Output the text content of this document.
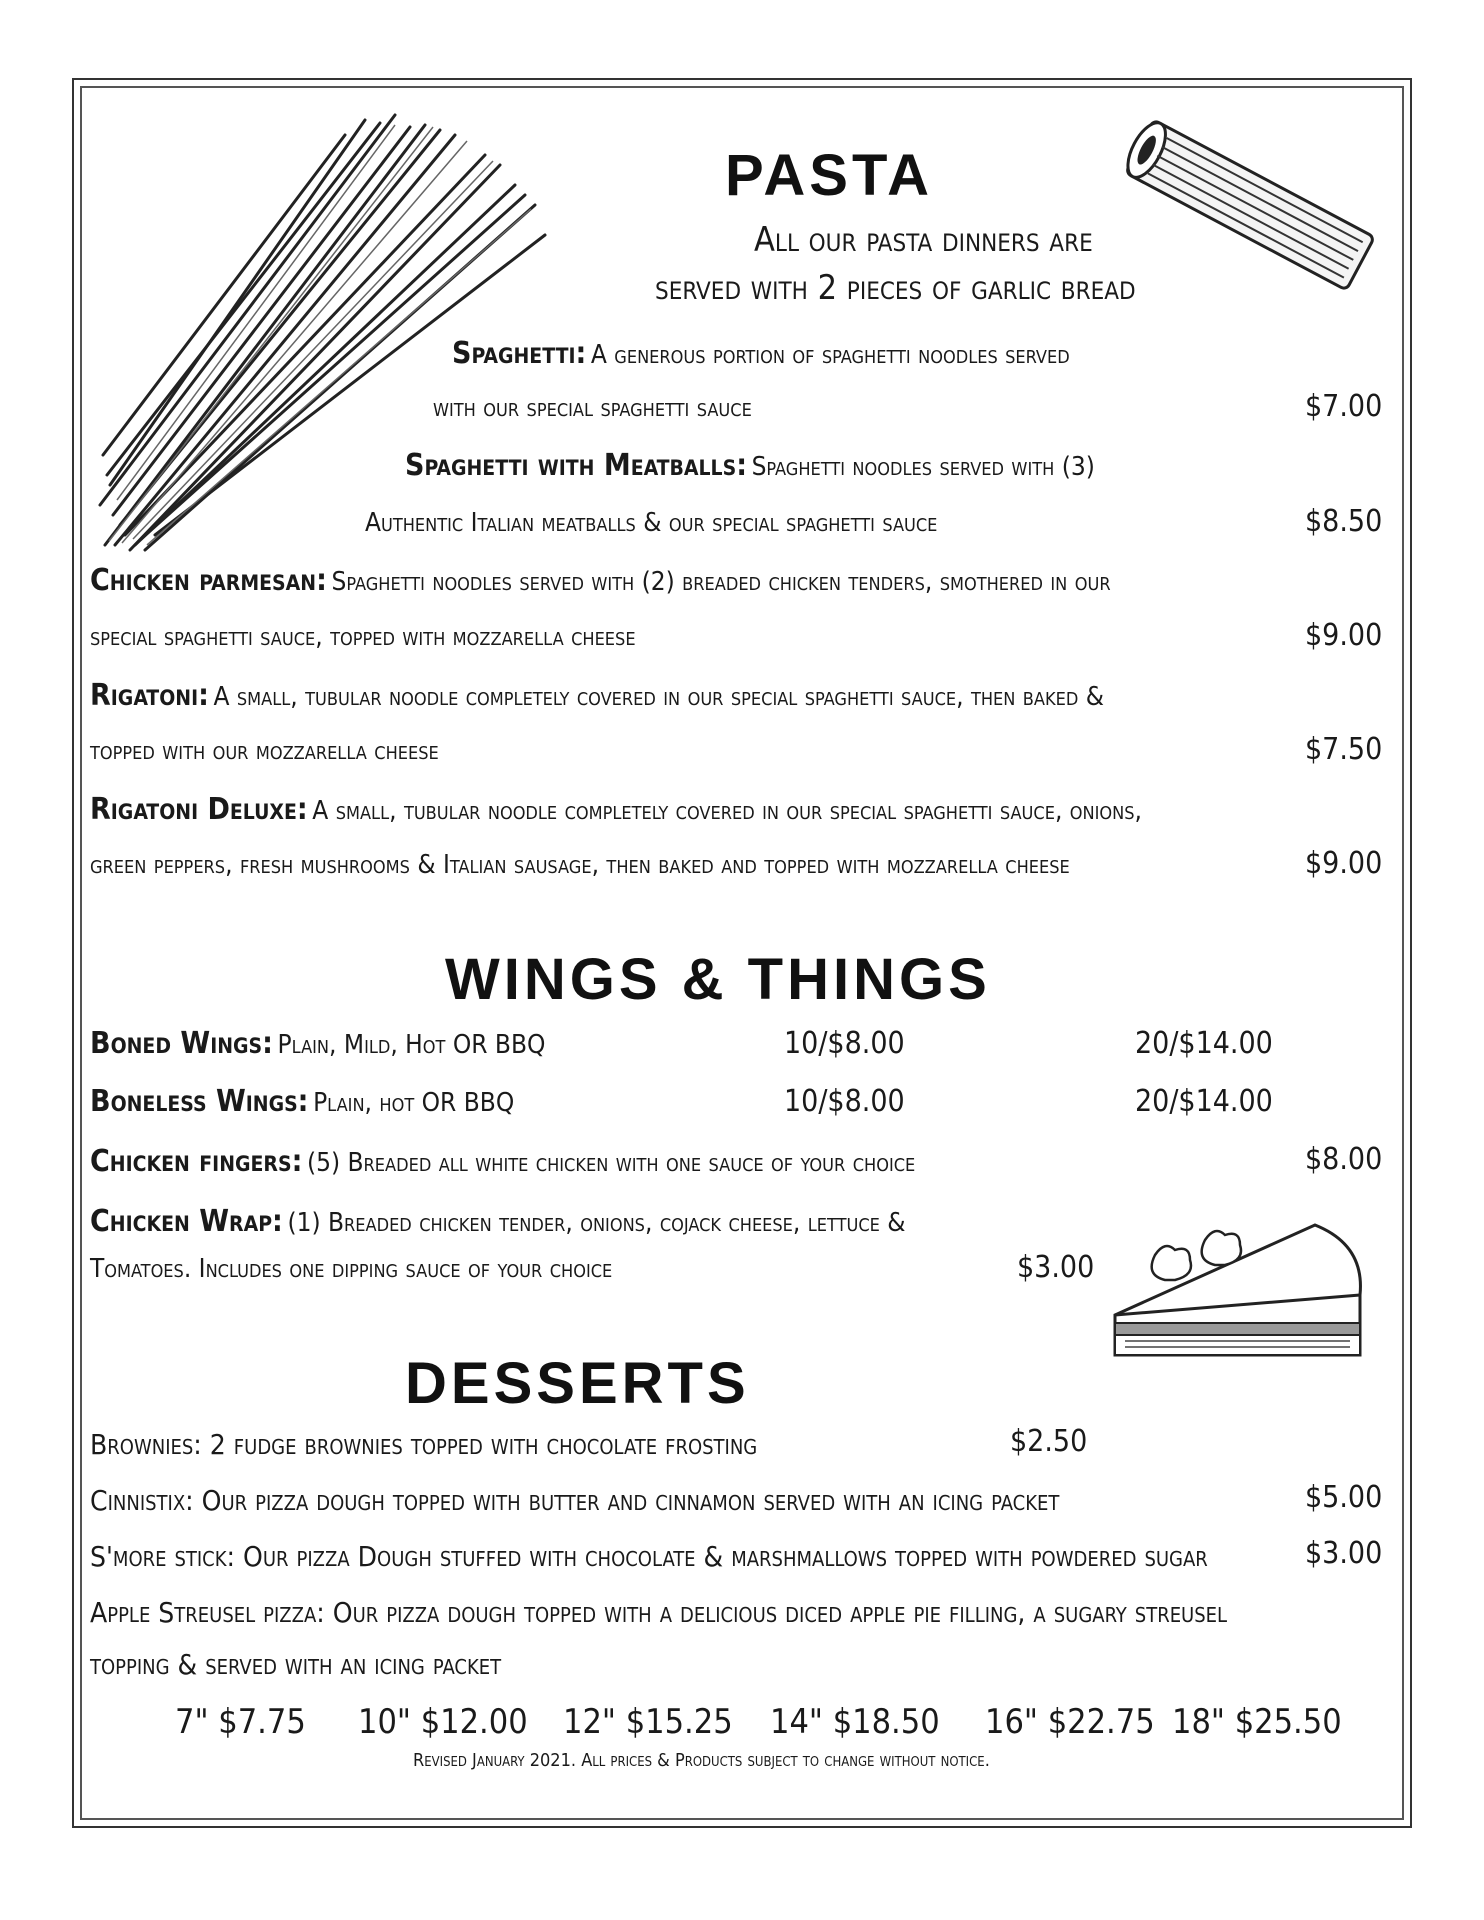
PASTA
All our pasta dinners are
served with 2 pieces of garlic bread
Spaghetti: A generous portion of spaghetti noodles served
with our special spaghetti sauce	$7.00
Spaghetti with Meatballs: Spaghetti noodles served with (3)
Authentic Italian meatballs & our special spaghetti sauce	$8.50
Chicken parmesan: Spaghetti noodles served with (2) breaded chicken tenders, smothered in our
special spaghetti sauce, topped with mozzarella cheese	$9.00
Rigatoni: A small, tubular noodle completely covered in our special spaghetti sauce, then baked &
topped with our mozzarella cheese	$7.50
Rigatoni Deluxe: A small, tubular noodle completely covered in our special spaghetti sauce, onions,
green peppers, fresh mushrooms & Italian sausage, then baked and topped with mozzarella cheese	$9.00
WINGS & THINGS
Boned Wings: Plain, Mild, Hot OR BBQ	10/$8.00	20/$14.00
Boneless Wings: Plain, hot OR BBQ	10/$8.00	20/$14.00
Chicken fingers: (5) Breaded all white chicken with one sauce of your choice	$8.00
Chicken Wrap: (1) Breaded chicken tender, onions, cojack cheese, lettuce &
Tomatoes. Includes one dipping sauce of your choice	$3.00
DESSERTS
Brownies: 2 fudge brownies topped with chocolate frosting	$2.50
Cinnistix: Our pizza dough topped with butter and cinnamon served with an icing packet	$5.00
S'more stick: Our pizza Dough stuffed with chocolate & marshmallows topped with powdered sugar	$3.00
Apple Streusel pizza: Our pizza dough topped with a delicious diced apple pie filling, a sugary streusel
topping & served with an icing packet
7" $7.75 10" $12.00 12" $15.25 14" $18.50 16" $22.75 18" $25.50
Revised January 2021. All prices & Products subject to change without notice.
